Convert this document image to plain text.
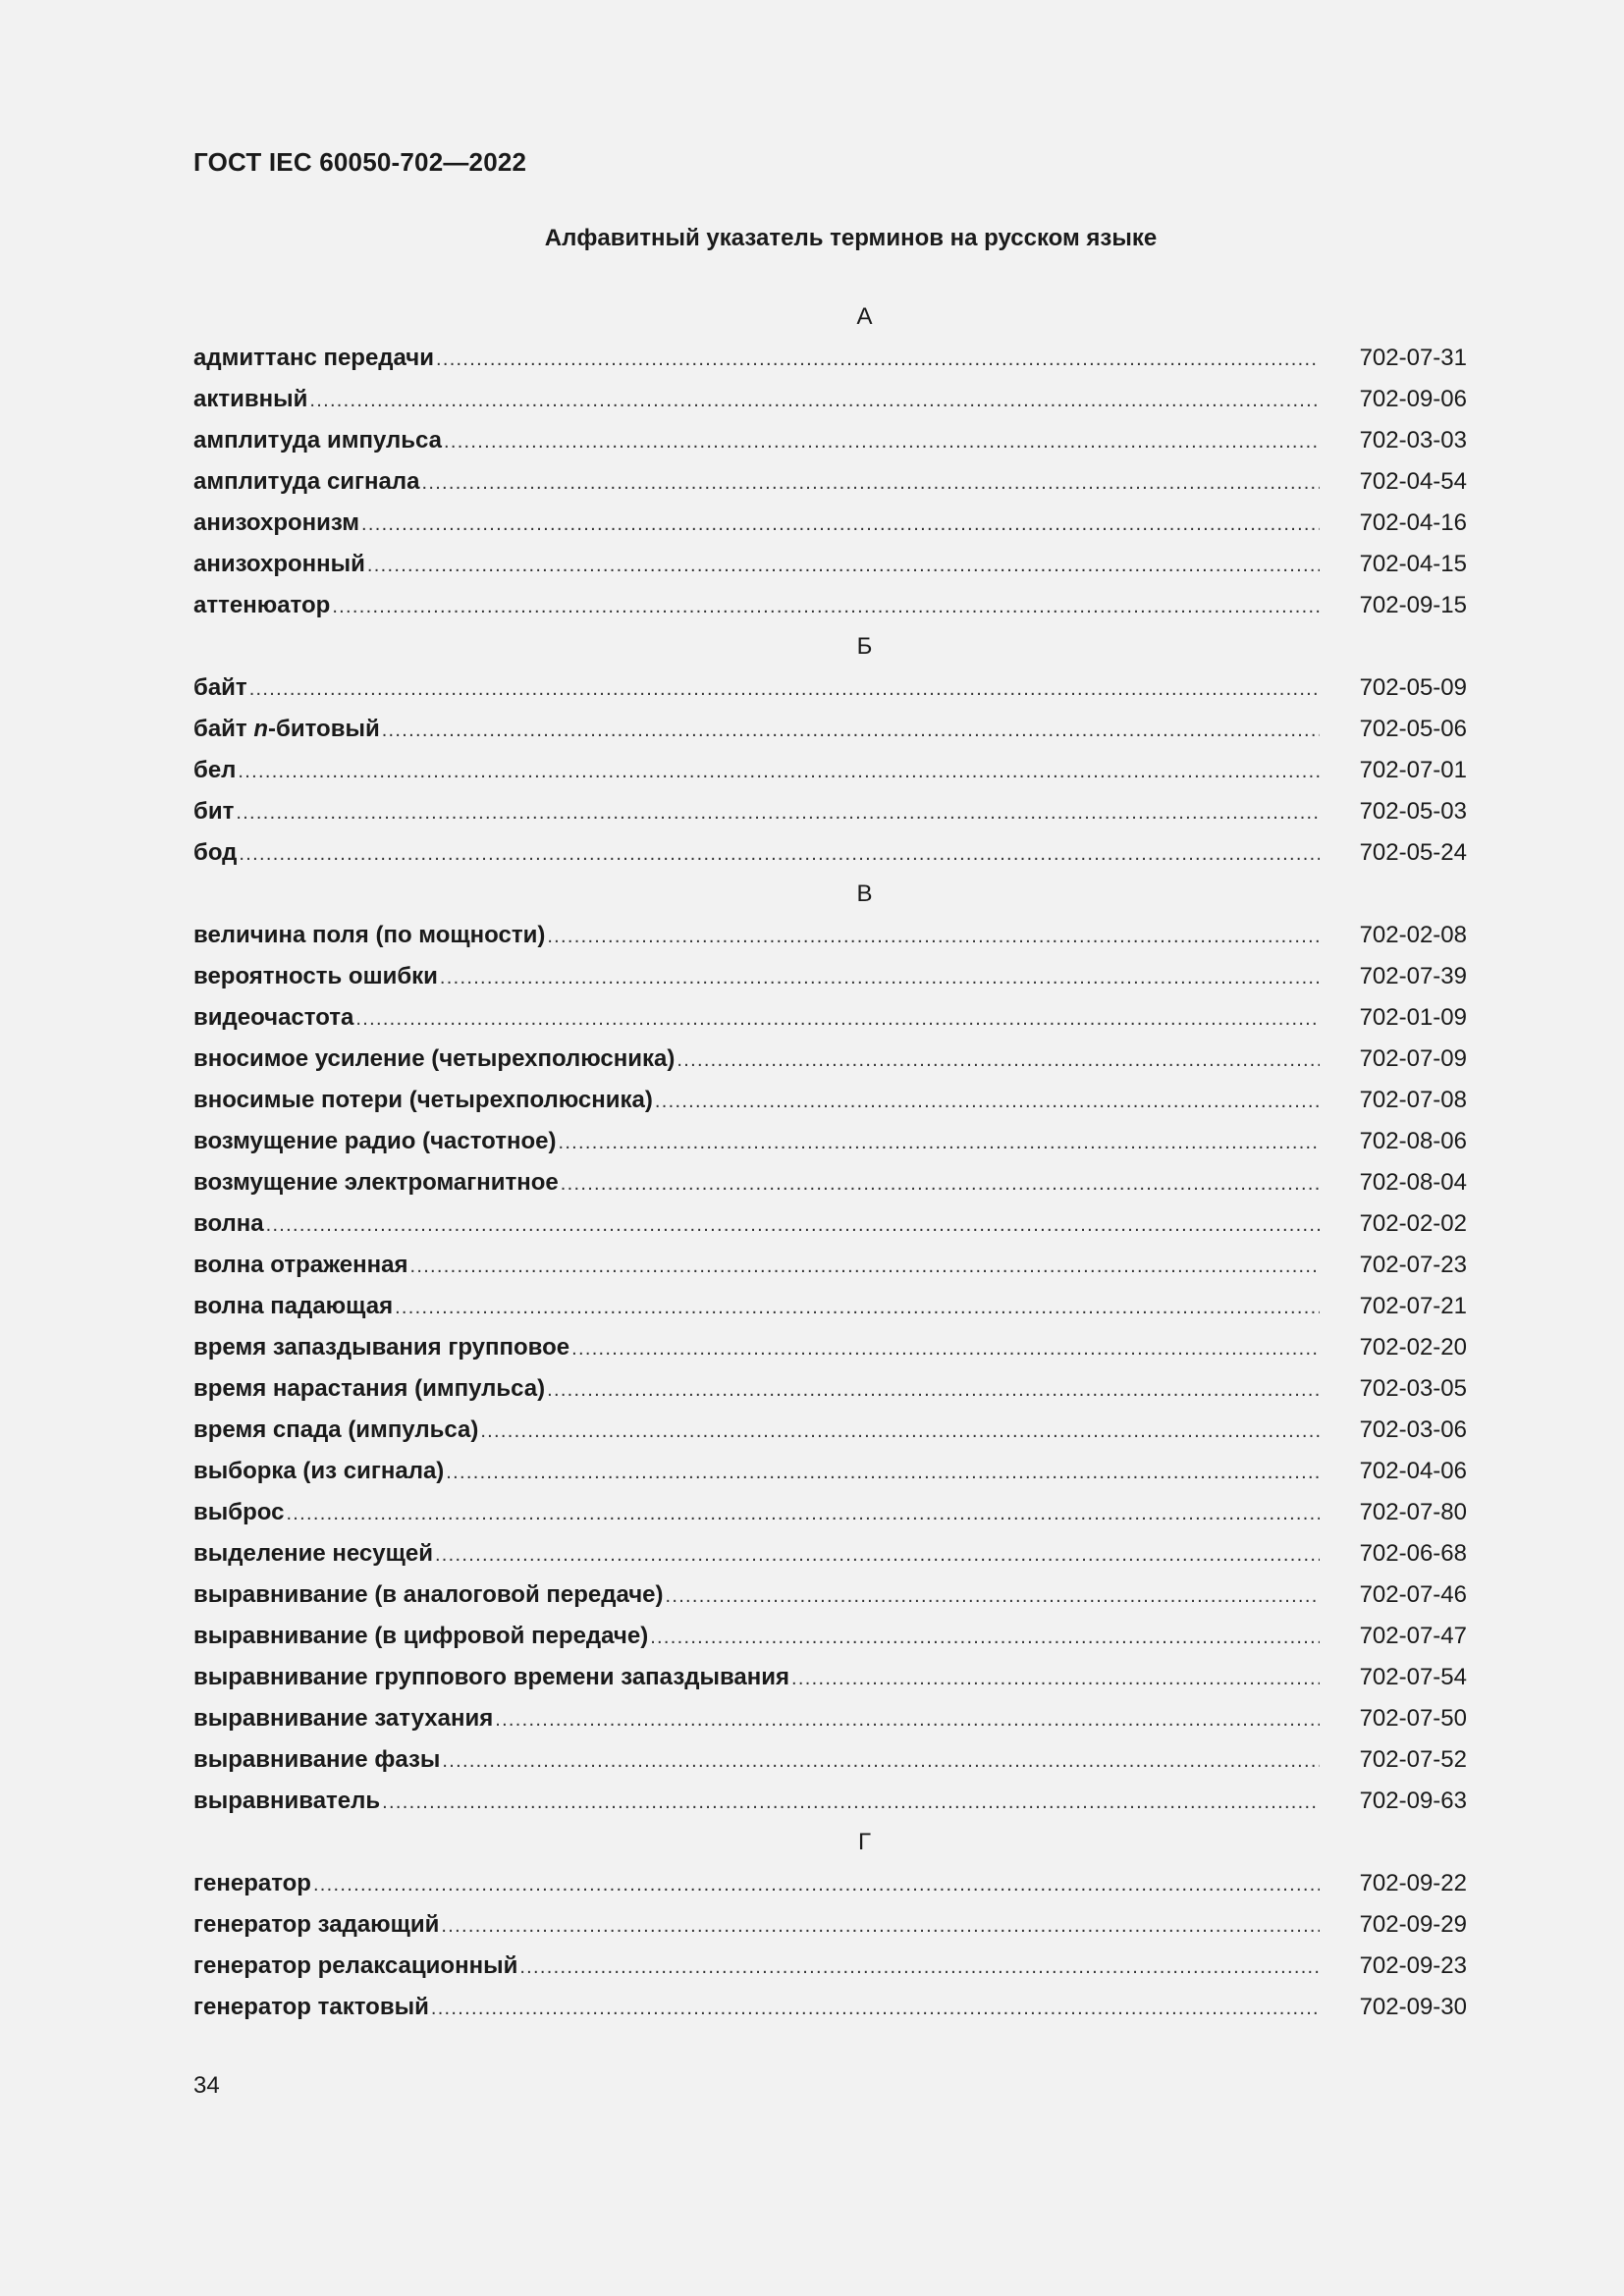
ГОСТ IEC 60050-702—2022
Алфавитный указатель терминов на русском языке
А
адмиттанс передачи .....	702-07-31
активный .....	702-09-06
амплитуда импульса .....	702-03-03
амплитуда сигнала .....	702-04-54
анизохронизм .....	702-04-16
анизохронный .....	702-04-15
аттенюатор .....	702-09-15
Б
байт .....	702-05-09
байт n-битовый .....	702-05-06
бел .....	702-07-01
бит .....	702-05-03
бод .....	702-05-24
В
величина поля (по мощности) .....	702-02-08
вероятность ошибки .....	702-07-39
видеочастота .....	702-01-09
вносимое усиление (четырехполюсника) .....	702-07-09
вносимые потери (четырехполюсника) .....	702-07-08
возмущение радио (частотное) .....	702-08-06
возмущение электромагнитное .....	702-08-04
волна .....	702-02-02
волна отраженная .....	702-07-23
волна падающая .....	702-07-21
время запаздывания групповое .....	702-02-20
время нарастания (импульса) .....	702-03-05
время спада (импульса) .....	702-03-06
выборка (из сигнала) .....	702-04-06
выброс .....	702-07-80
выделение несущей .....	702-06-68
выравнивание (в аналоговой передаче) .....	702-07-46
выравнивание (в цифровой передаче) .....	702-07-47
выравнивание группового времени запаздывания .....	702-07-54
выравнивание затухания .....	702-07-50
выравнивание фазы .....	702-07-52
выравниватель .....	702-09-63
Г
генератор .....	702-09-22
генератор задающий .....	702-09-29
генератор релаксационный .....	702-09-23
генератор тактовый .....	702-09-30
34
